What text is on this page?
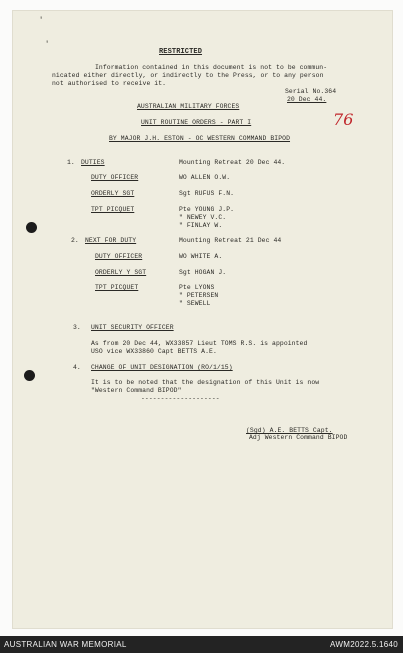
'
'
RESTRICTED
Information contained in this document is not to be commun-
nicated either directly, or indirectly to the Press, or to any person
not authorised to receive it.
Serial No.364
20 Dec 44.
AUSTRALIAN MILITARY FORCES
UNIT ROUTINE ORDERS - PART I
BY MAJOR J.H. ESTON - OC WESTERN COMMAND BIPOD
76
1. DUTIES	Mounting Retreat 20 Dec 44.
DUTY OFFICER	WO ALLEN O.W.
ORDERLY SGT	Sgt RUFUS F.N.
TPT PICQUET	Pte YOUNG J.P.
" NEWEY V.C.
" FINLAY W.
2. NEXT FOR DUTY	Mounting Retreat 21 Dec 44
DUTY OFFICER	WO WHITE A.
ORDERLY Y SGT	Sgt HOGAN J.
TPT PICQUET	Pte LYONS
" PETERSEN
" SEWELL
3. UNIT SECURITY OFFICER
As from 20 Dec 44, WX33857 Lieut TOMS R.S. is appointed
USO vice WX33860 Capt BETTS A.E.
4. CHANGE OF UNIT DESIGNATION (RO/1/15)
It is to be noted that the designation of this Unit is now
"Western Command BIPOD"
--------------------
(Sgd) A.E. BETTS Capt.
Adj Western Command BIPOD
AUSTRALIAN WAR MEMORIAL	AWM2022.5.1640
